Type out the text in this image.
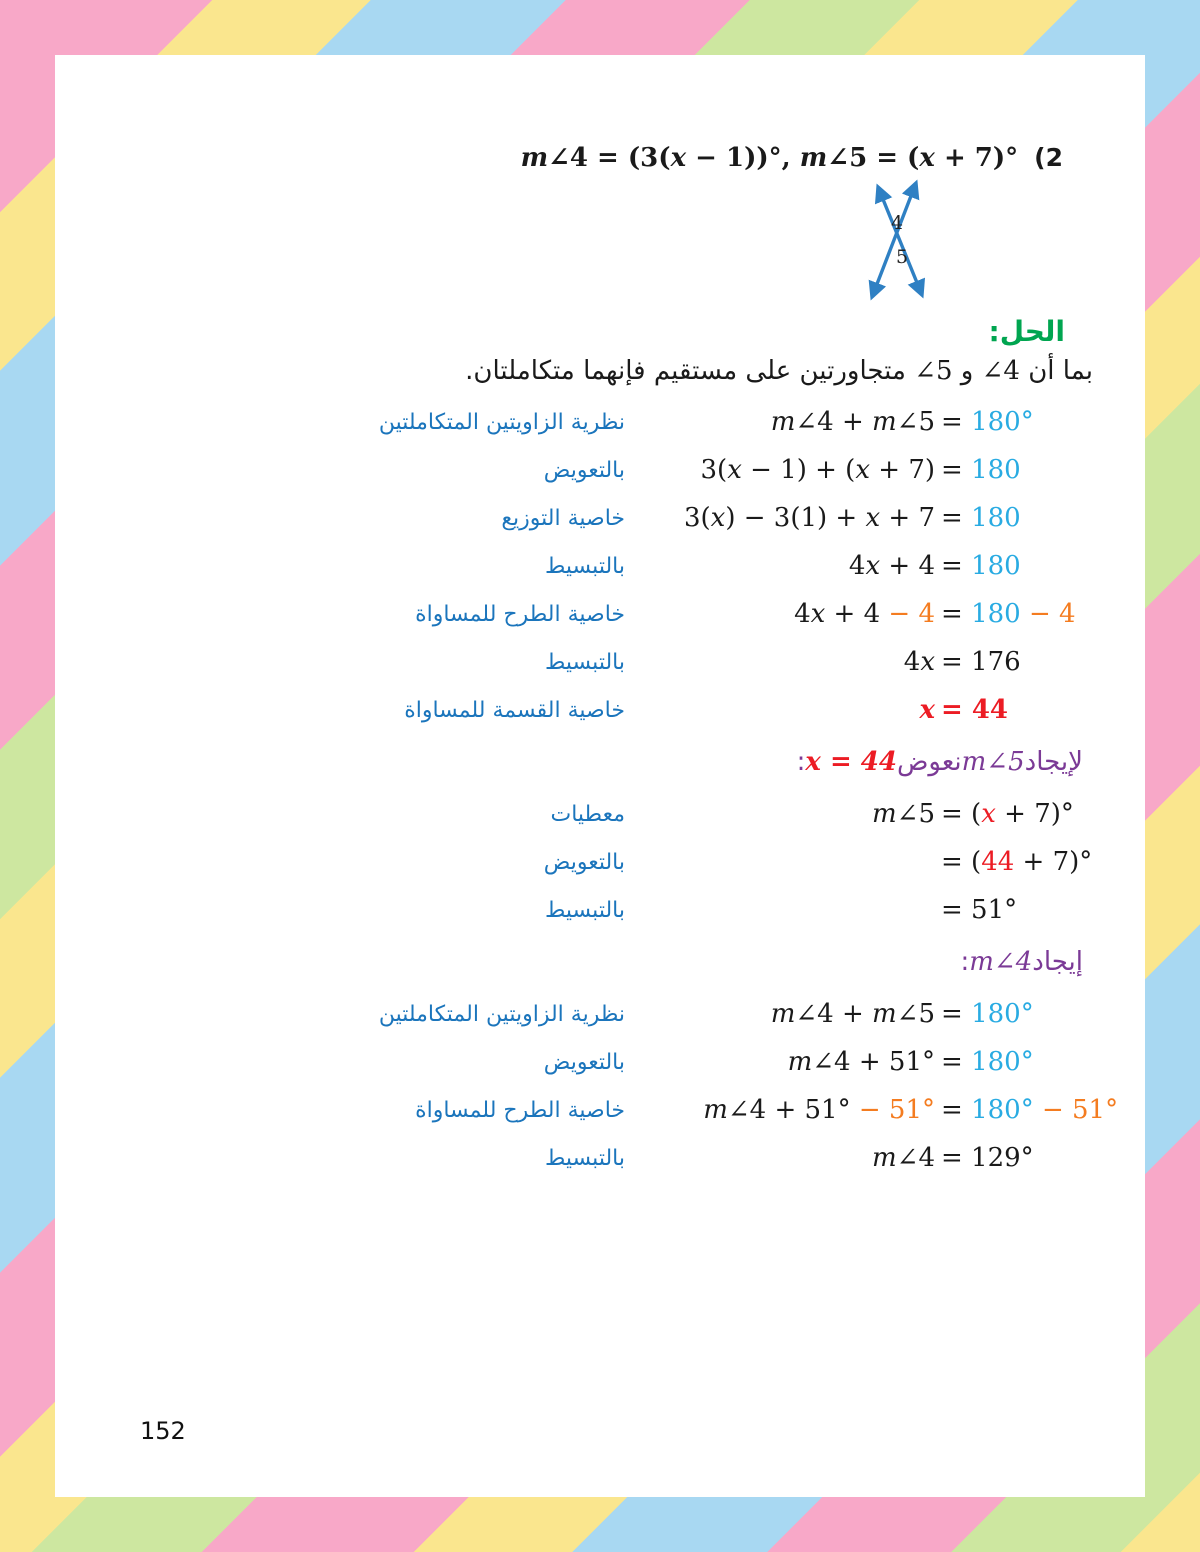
m∠4 = (3(x − 1))°, m∠5 = (x + 7)° (2
4
5
الحل:
بما أن ∠4 و ∠5 متجاورتين على مستقيم فإنهما متكاملتان.
نظرية الزاويتين المتكاملتين	m∠4 + m∠5 = 180°
بالتعويض	3(x − 1) + (x + 7) = 180
خاصية التوزيع	3(x) − 3(1) + x + 7 = 180
بالتبسيط	4x + 4 = 180
خاصية الطرح للمساواة	4x + 4 − 4 = 180 − 4
بالتبسيط	4x = 176
خاصية القسمة للمساواة	x = 44
لإيجاد
m∠5
نعوض
x = 44
:
معطيات	m∠5 = (x + 7)°
بالتعويض	= (44 + 7)°
بالتبسيط	= 51°
إيجاد
m∠4
:
نظرية الزاويتين المتكاملتين	m∠4 + m∠5 = 180°
بالتعويض	m∠4 + 51° = 180°
خاصية الطرح للمساواة	m∠4 + 51° − 51° = 180° − 51°
بالتبسيط	m∠4 = 129°
152
